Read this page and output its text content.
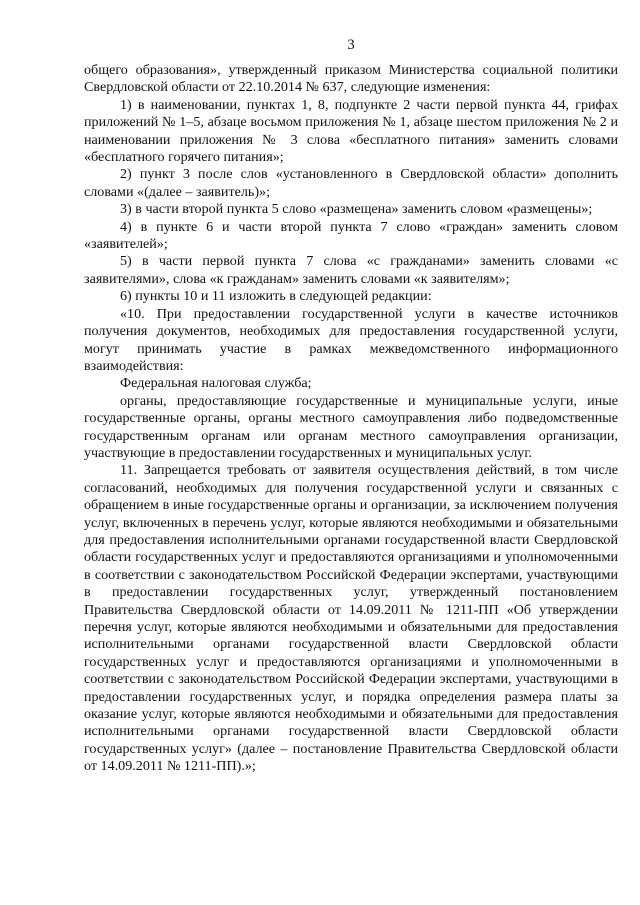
3

общего образования», утвержденный приказом Министерства социальной политики Свердловской области от 22.10.2014 № 637, следующие изменения:

1) в наименовании, пунктах 1, 8, подпункте 2 части первой пункта 44, грифах приложений № 1–5, абзаце восьмом приложения № 1, абзаце шестом приложения № 2 и наименовании приложения № 3 слова «бесплатного питания» заменить словами «бесплатного горячего питания»;

2) пункт 3 после слов «установленного в Свердловской области» дополнить словами «(далее – заявитель)»;

3) в части второй пункта 5 слово «размещена» заменить словом «размещены»;

4) в пункте 6 и части второй пункта 7 слово «граждан» заменить словом «заявителей»;

5) в части первой пункта 7 слова «с гражданами» заменить словами «с заявителями», слова «к гражданам» заменить словами «к заявителям»;

6) пункты 10 и 11 изложить в следующей редакции:

«10. При предоставлении государственной услуги в качестве источников получения документов, необходимых для предоставления государственной услуги, могут принимать участие в рамках межведомственного информационного взаимодействия:

Федеральная налоговая служба;

органы, предоставляющие государственные и муниципальные услуги, иные государственные органы, органы местного самоуправления либо подведомственные государственным органам или органам местного самоуправления организации, участвующие в предоставлении государственных и муниципальных услуг.

11. Запрещается требовать от заявителя осуществления действий, в том числе согласований, необходимых для получения государственной услуги и связанных с обращением в иные государственные органы и организации, за исключением получения услуг, включенных в перечень услуг, которые являются необходимыми и обязательными для предоставления исполнительными органами государственной власти Свердловской области государственных услуг и предоставляются организациями и уполномоченными в соответствии с законодательством Российской Федерации экспертами, участвующими в предоставлении государственных услуг, утвержденный постановлением Правительства Свердловской области от 14.09.2011 № 1211-ПП «Об утверждении перечня услуг, которые являются необходимыми и обязательными для предоставления исполнительными органами государственной власти Свердловской области государственных услуг и предоставляются организациями и уполномоченными в соответствии с законодательством Российской Федерации экспертами, участвующими в предоставлении государственных услуг, и порядка определения размера платы за оказание услуг, которые являются необходимыми и обязательными для предоставления исполнительными органами государственной власти Свердловской области государственных услуг» (далее – постановление Правительства Свердловской области от 14.09.2011 № 1211-ПП).»;
